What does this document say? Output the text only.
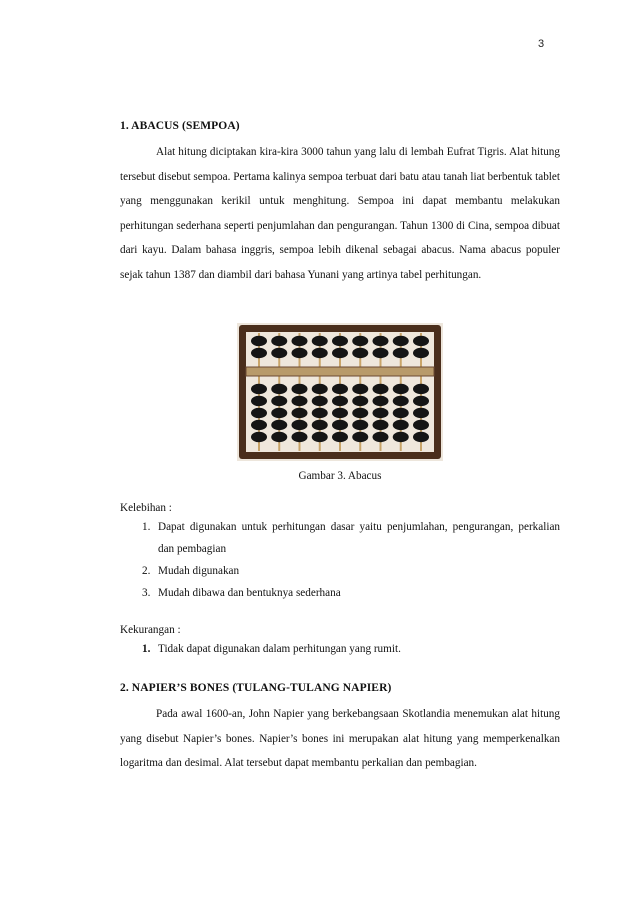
3
1. ABACUS (SEMPOA)

Alat hitung diciptakan kira-kira 3000 tahun yang lalu di lembah Eufrat Tigris. Alat hitung tersebut disebut sempoa. Pertama kalinya sempoa terbuat dari batu atau tanah liat berbentuk tablet yang menggunakan kerikil untuk menghitung. Sempoa ini dapat membantu melakukan perhitungan sederhana seperti penjumlahan dan pengurangan. Tahun 1300 di Cina, sempoa dibuat dari kayu. Dalam bahasa inggris, sempoa lebih dikenal sebagai abacus. Nama abacus populer sejak tahun 1387 dan diambil dari bahasa Yunani yang artinya tabel perhitungan.

Gambar 3. Abacus
Kelebihan :
1. Dapat digunakan untuk perhitungan dasar yaitu penjumlahan, pengurangan, perkalian dan pembagian
2. Mudah digunakan
3. Mudah dibawa dan bentuknya sederhana
Kekurangan :
1. Tidak dapat digunakan dalam perhitungan yang rumit.
2. NAPIER’S BONES (TULANG-TULANG NAPIER)

Pada awal 1600-an, John Napier yang berkebangsaan Skotlandia menemukan alat hitung yang disebut Napier’s bones. Napier’s bones ini merupakan alat hitung yang memperkenalkan logaritma dan desimal. Alat tersebut dapat membantu perkalian dan pembagian.
